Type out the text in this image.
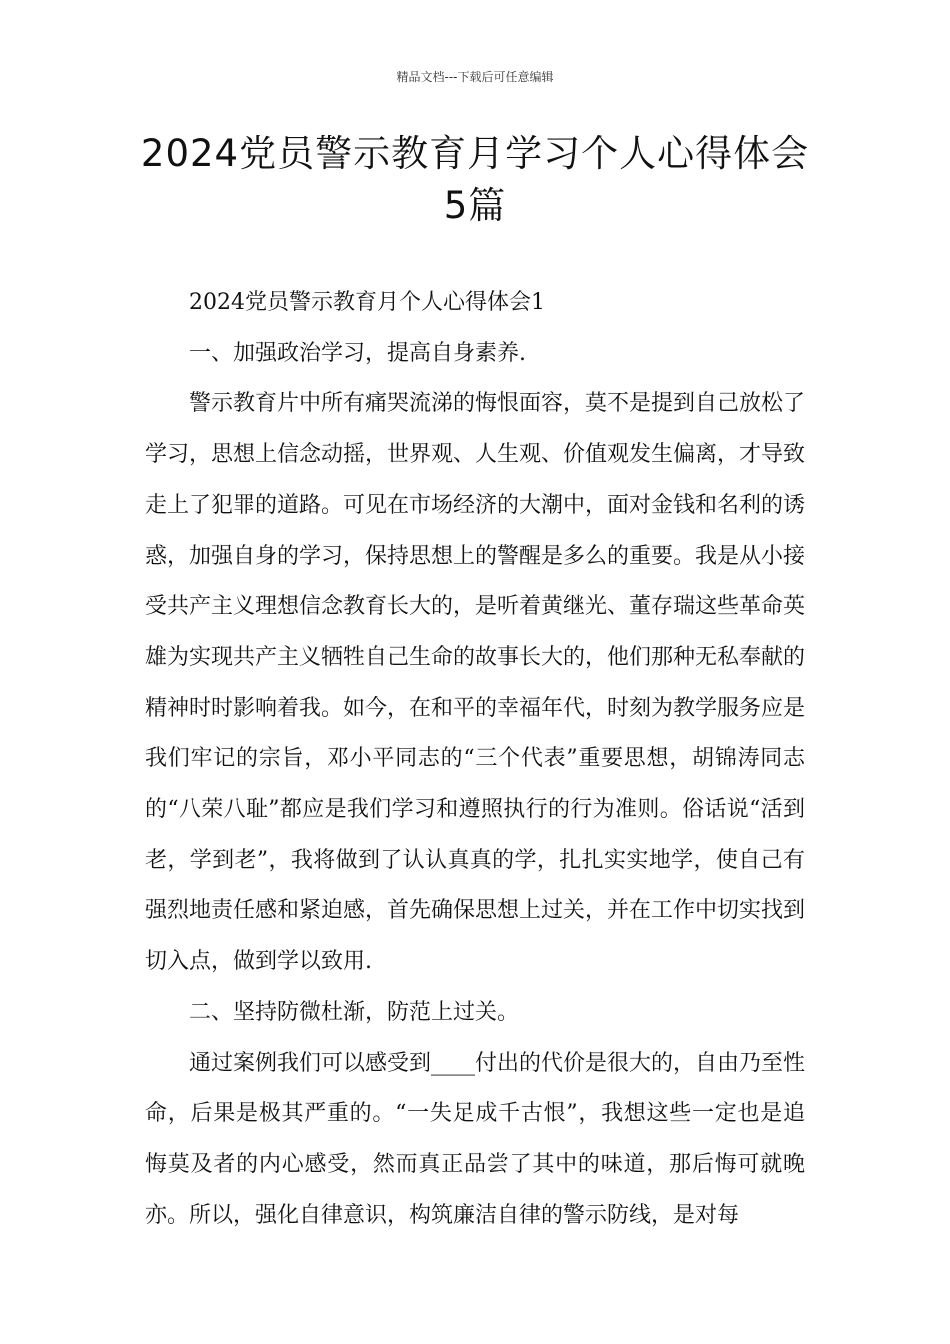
精品文档---下载后可任意编辑
2024党员警示教育月学习个人心得体会
5篇

2024党员警示教育月个人心得体会1

一、加强政治学习，提高自身素养.

警示教育片中所有痛哭流涕的悔恨面容，莫不是提到自己放松了学习，思想上信念动摇，世界观、人生观、价值观发生偏离，才导致走上了犯罪的道路。可见在市场经济的大潮中，面对金钱和名利的诱惑，加强自身的学习，保持思想上的警醒是多么的重要。我是从小接受共产主义理想信念教育长大的，是听着黄继光、董存瑞这些革命英雄为实现共产主义牺牲自己生命的故事长大的，他们那种无私奉献的精神时时影响着我。如今，在和平的幸福年代，时刻为教学服务应是我们牢记的宗旨，邓小平同志的“三个代表”重要思想，胡锦涛同志的“八荣八耻”都应是我们学习和遵照执行的行为准则。俗话说“活到老，学到老”，我将做到了认认真真的学，扎扎实实地学，使自己有强烈地责任感和紧迫感，首先确保思想上过关，并在工作中切实找到切入点，做到学以致用.

二、坚持防微杜渐，防范上过关。

通过案例我们可以感受到____付出的代价是很大的，自由乃至性命，后果是极其严重的。“一失足成千古恨”，我想这些一定也是追悔莫及者的内心感受，然而真正品尝了其中的味道，那后悔可就晚亦。所以，强化自律意识，构筑廉洁自律的警示防线，是对每
